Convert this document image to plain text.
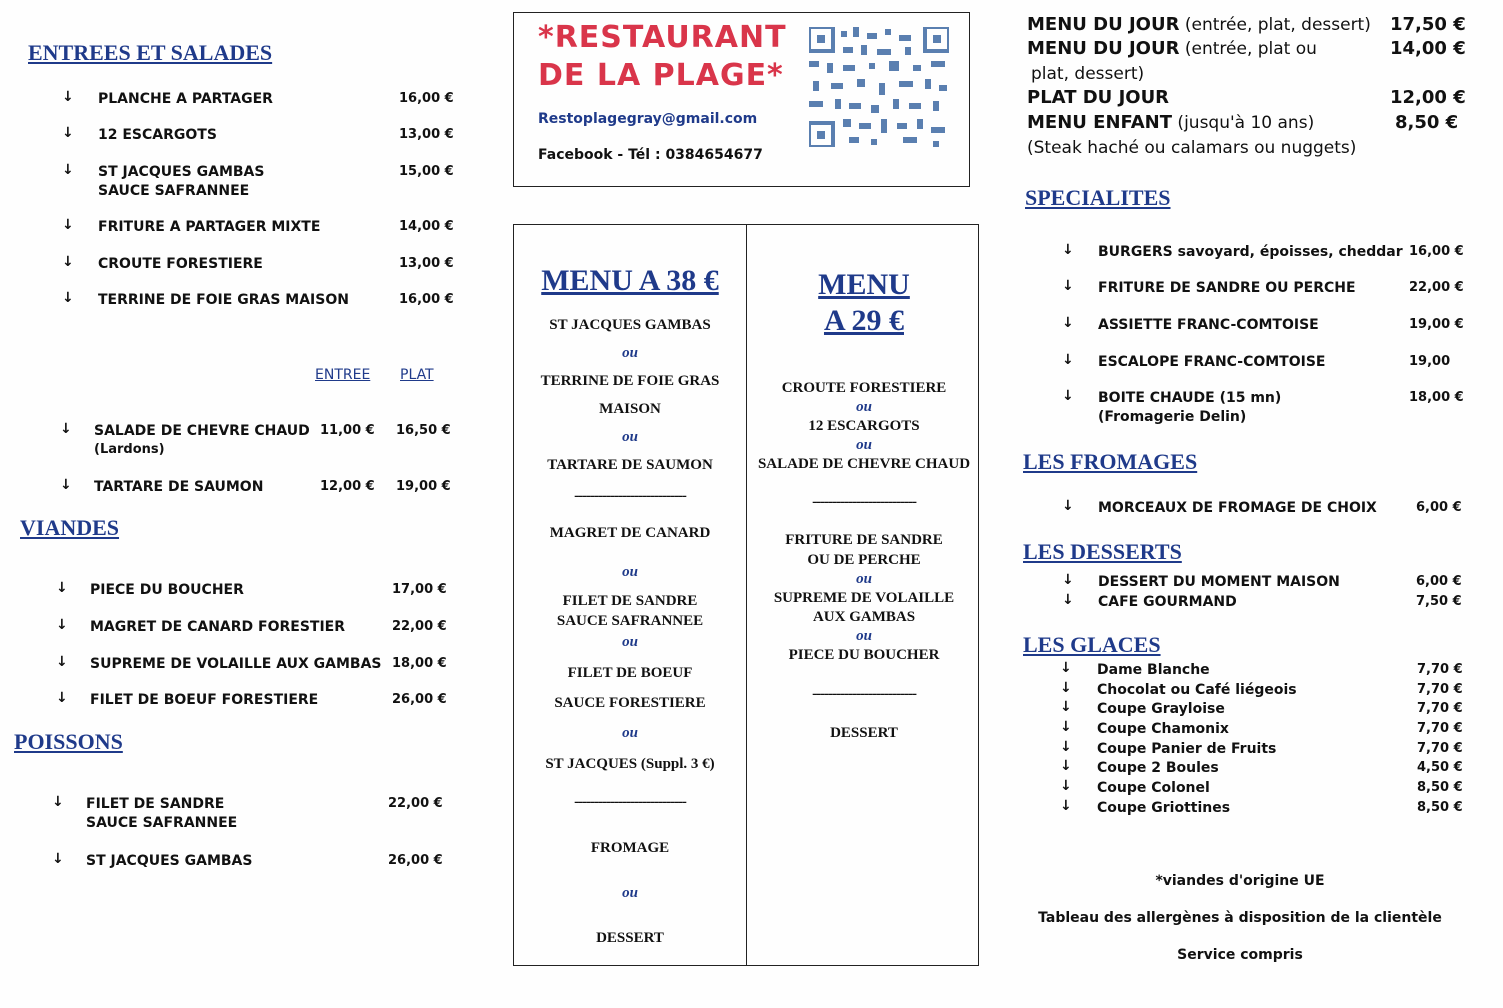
ENTREES ET SALADES
↓ PLANCHE A PARTAGER	16,00 €
↓ 12 ESCARGOTS	13,00 €
↓ ST JACQUES GAMBAS
SAUCE SAFRANNEE
15,00 €
↓ FRITURE A PARTAGER MIXTE	14,00 €
↓ CROUTE FORESTIERE	13,00 €
↓ TERRINE DE FOIE GRAS MAISON	16,00 €
ENTREE PLAT
↓ SALADE DE CHEVRE CHAUD
(Lardons)
11,00 € 16,50 €
↓ TARTARE DE SAUMON	12,00 € 19,00 €
VIANDES
↓ PIECE DU BOUCHER	17,00 €
↓ MAGRET DE CANARD FORESTIER	22,00 €
↓ SUPREME DE VOLAILLE AUX GAMBAS 18,00 €
↓ FILET DE BOEUF FORESTIERE	26,00 €
POISSONS
↓ FILET DE SANDRE
SAUCE SAFRANNEE
22,00 €
↓ ST JACQUES GAMBAS	26,00 €
*RESTAURANT
DE LA PLAGE*
Restoplagegray@gmail.com
Facebook - Tél : 0384654677
MENU A 38 €
ST JACQUES GAMBAS
ou
TERRINE DE FOIE GRAS
MAISON
ou
TARTARE DE SAUMON
----------------------------
MAGRET DE CANARD
ou
FILET DE SANDRE
SAUCE SAFRANNEE
ou
FILET DE BOEUF
SAUCE FORESTIERE
ou
ST JACQUES (Suppl. 3 €)
----------------------------
FROMAGE
ou
DESSERT
MENU
A 29 €
CROUTE FORESTIERE
ou
12 ESCARGOTS
ou
SALADE DE CHEVRE CHAUD
--------------------------
FRITURE DE SANDRE
OU DE PERCHE
ou
SUPREME DE VOLAILLE
AUX GAMBAS
ou
PIECE DU BOUCHER
--------------------------
DESSERT
MENU DU JOUR (entrée, plat, dessert) 17,50 €
MENU DU JOUR (entrée, plat ou	14,00 €
plat, dessert)
PLAT DU JOUR	12,00 €
MENU ENFANT (jusqu'à 10 ans)	8,50 €
(Steak haché ou calamars ou nuggets)
SPECIALITES
↓ BURGERS savoyard, époisses, cheddar 16,00 €
↓ FRITURE DE SANDRE OU PERCHE	22,00 €
↓ ASSIETTE FRANC-COMTOISE	19,00 €
↓ ESCALOPE FRANC-COMTOISE	19,00
↓ BOITE CHAUDE (15 mn)
(Fromagerie Delin)
18,00 €
LES FROMAGES
↓ MORCEAUX DE FROMAGE DE CHOIX	6,00 €
LES DESSERTS
↓ DESSERT DU MOMENT MAISON	6,00 €
↓ CAFE GOURMAND	7,50 €
LES GLACES
↓ Dame Blanche	7,70 €
↓ Chocolat ou Café liégeois	7,70 €
↓ Coupe Grayloise	7,70 €
↓ Coupe Chamonix	7,70 €
↓ Coupe Panier de Fruits	7,70 €
↓ Coupe 2 Boules	4,50 €
↓ Coupe Colonel	8,50 €
↓ Coupe Griottines	8,50 €
*viandes d'origine UE
Tableau des allergènes à disposition de la clientèle
Service compris
